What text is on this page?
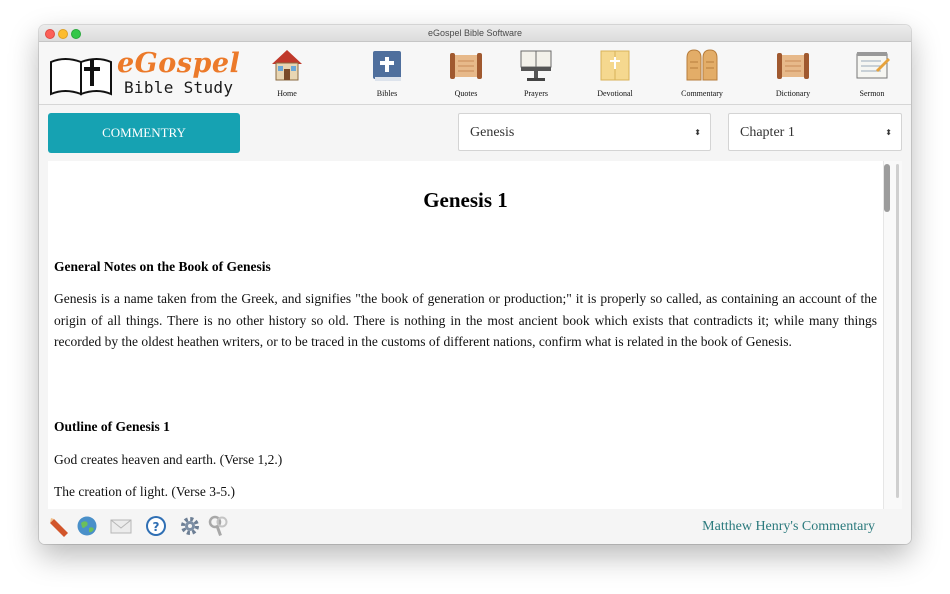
eGospel Bible Software
eGospel
Bible Study	Home	Bibles	Quotes	Prayers	Devotional	Commentary	Dictionary	Sermon
COMMENTRY	Genesis	⬍	Chapter 1	⬍
Genesis 1
General Notes on the Book of Genesis
Genesis is a name taken from the Greek, and signifies "the book of generation or production;" it is properly so called, as containing an account of the origin of all things. There is no other history so old. There is nothing in the most ancient book which exists that contradicts it; while many things recorded by the oldest heathen writers, or to be traced in the customs of different nations, confirm what is related in the book of Genesis.
Outline of Genesis 1
God creates heaven and earth. (Verse 1,2.)
The creation of light. (Verse 3-5.)
?	Matthew Henry's Commentary
